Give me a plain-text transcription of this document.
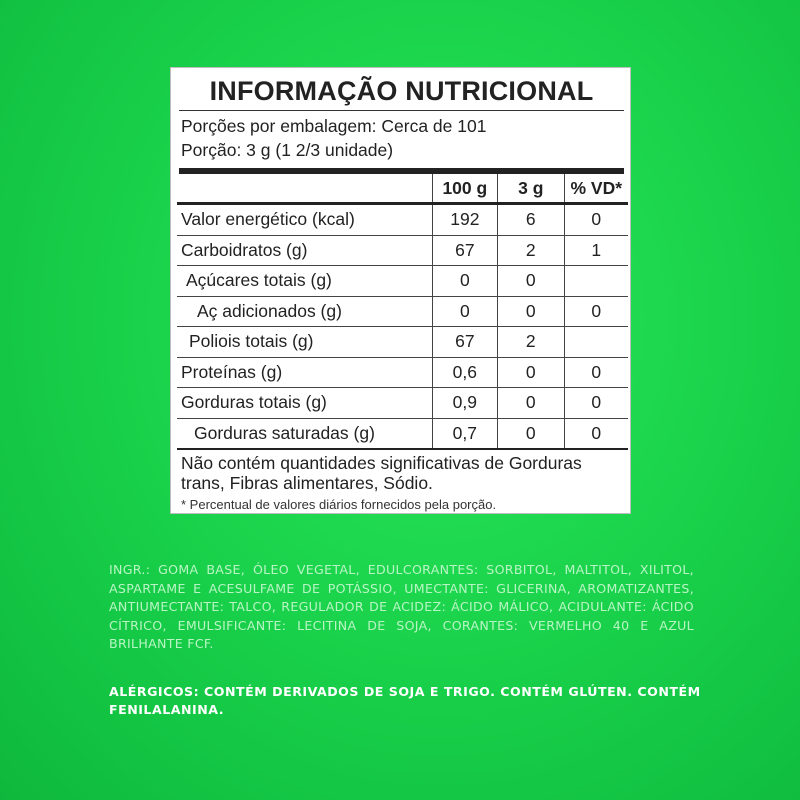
INFORMAÇÃO NUTRICIONAL
Porções por embalagem: Cerca de 101
Porção: 3 g (1 2/3 unidade)
	100 g	3 g	% VD*
Valor energético (kcal)	192	6	0
Carboidratos (g)	67	2	1
Açúcares totais (g)	0	0	
Aç adicionados (g)	0	0	0
Poliois totais (g)	67	2	
Proteínas (g)	0,6	0	0
Gorduras totais (g)	0,9	0	0
Gorduras saturadas (g)	0,7	0	0
Não contém quantidades significativas de Gorduras trans, Fibras alimentares, Sódio.
* Percentual de valores diários fornecidos pela porção.
INGR.: GOMA BASE, ÓLEO VEGETAL, EDULCORANTES: SORBITOL, MALTITOL, XILITOL, ASPARTAME E ACESULFAME DE POTÁSSIO, UMECTANTE: GLICERINA, AROMATIZANTES, ANTIUMECTANTE: TALCO, REGULADOR DE ACIDEZ: ÁCIDO MÁLICO, ACIDULANTE: ÁCIDO CÍTRICO, EMULSIFICANTE: LECITINA DE SOJA, CORANTES: VERMELHO 40 E AZUL BRILHANTE FCF.
ALÉRGICOS: CONTÉM DERIVADOS DE SOJA E TRIGO. CONTÉM GLÚTEN. CONTÉM FENILALANINA.
